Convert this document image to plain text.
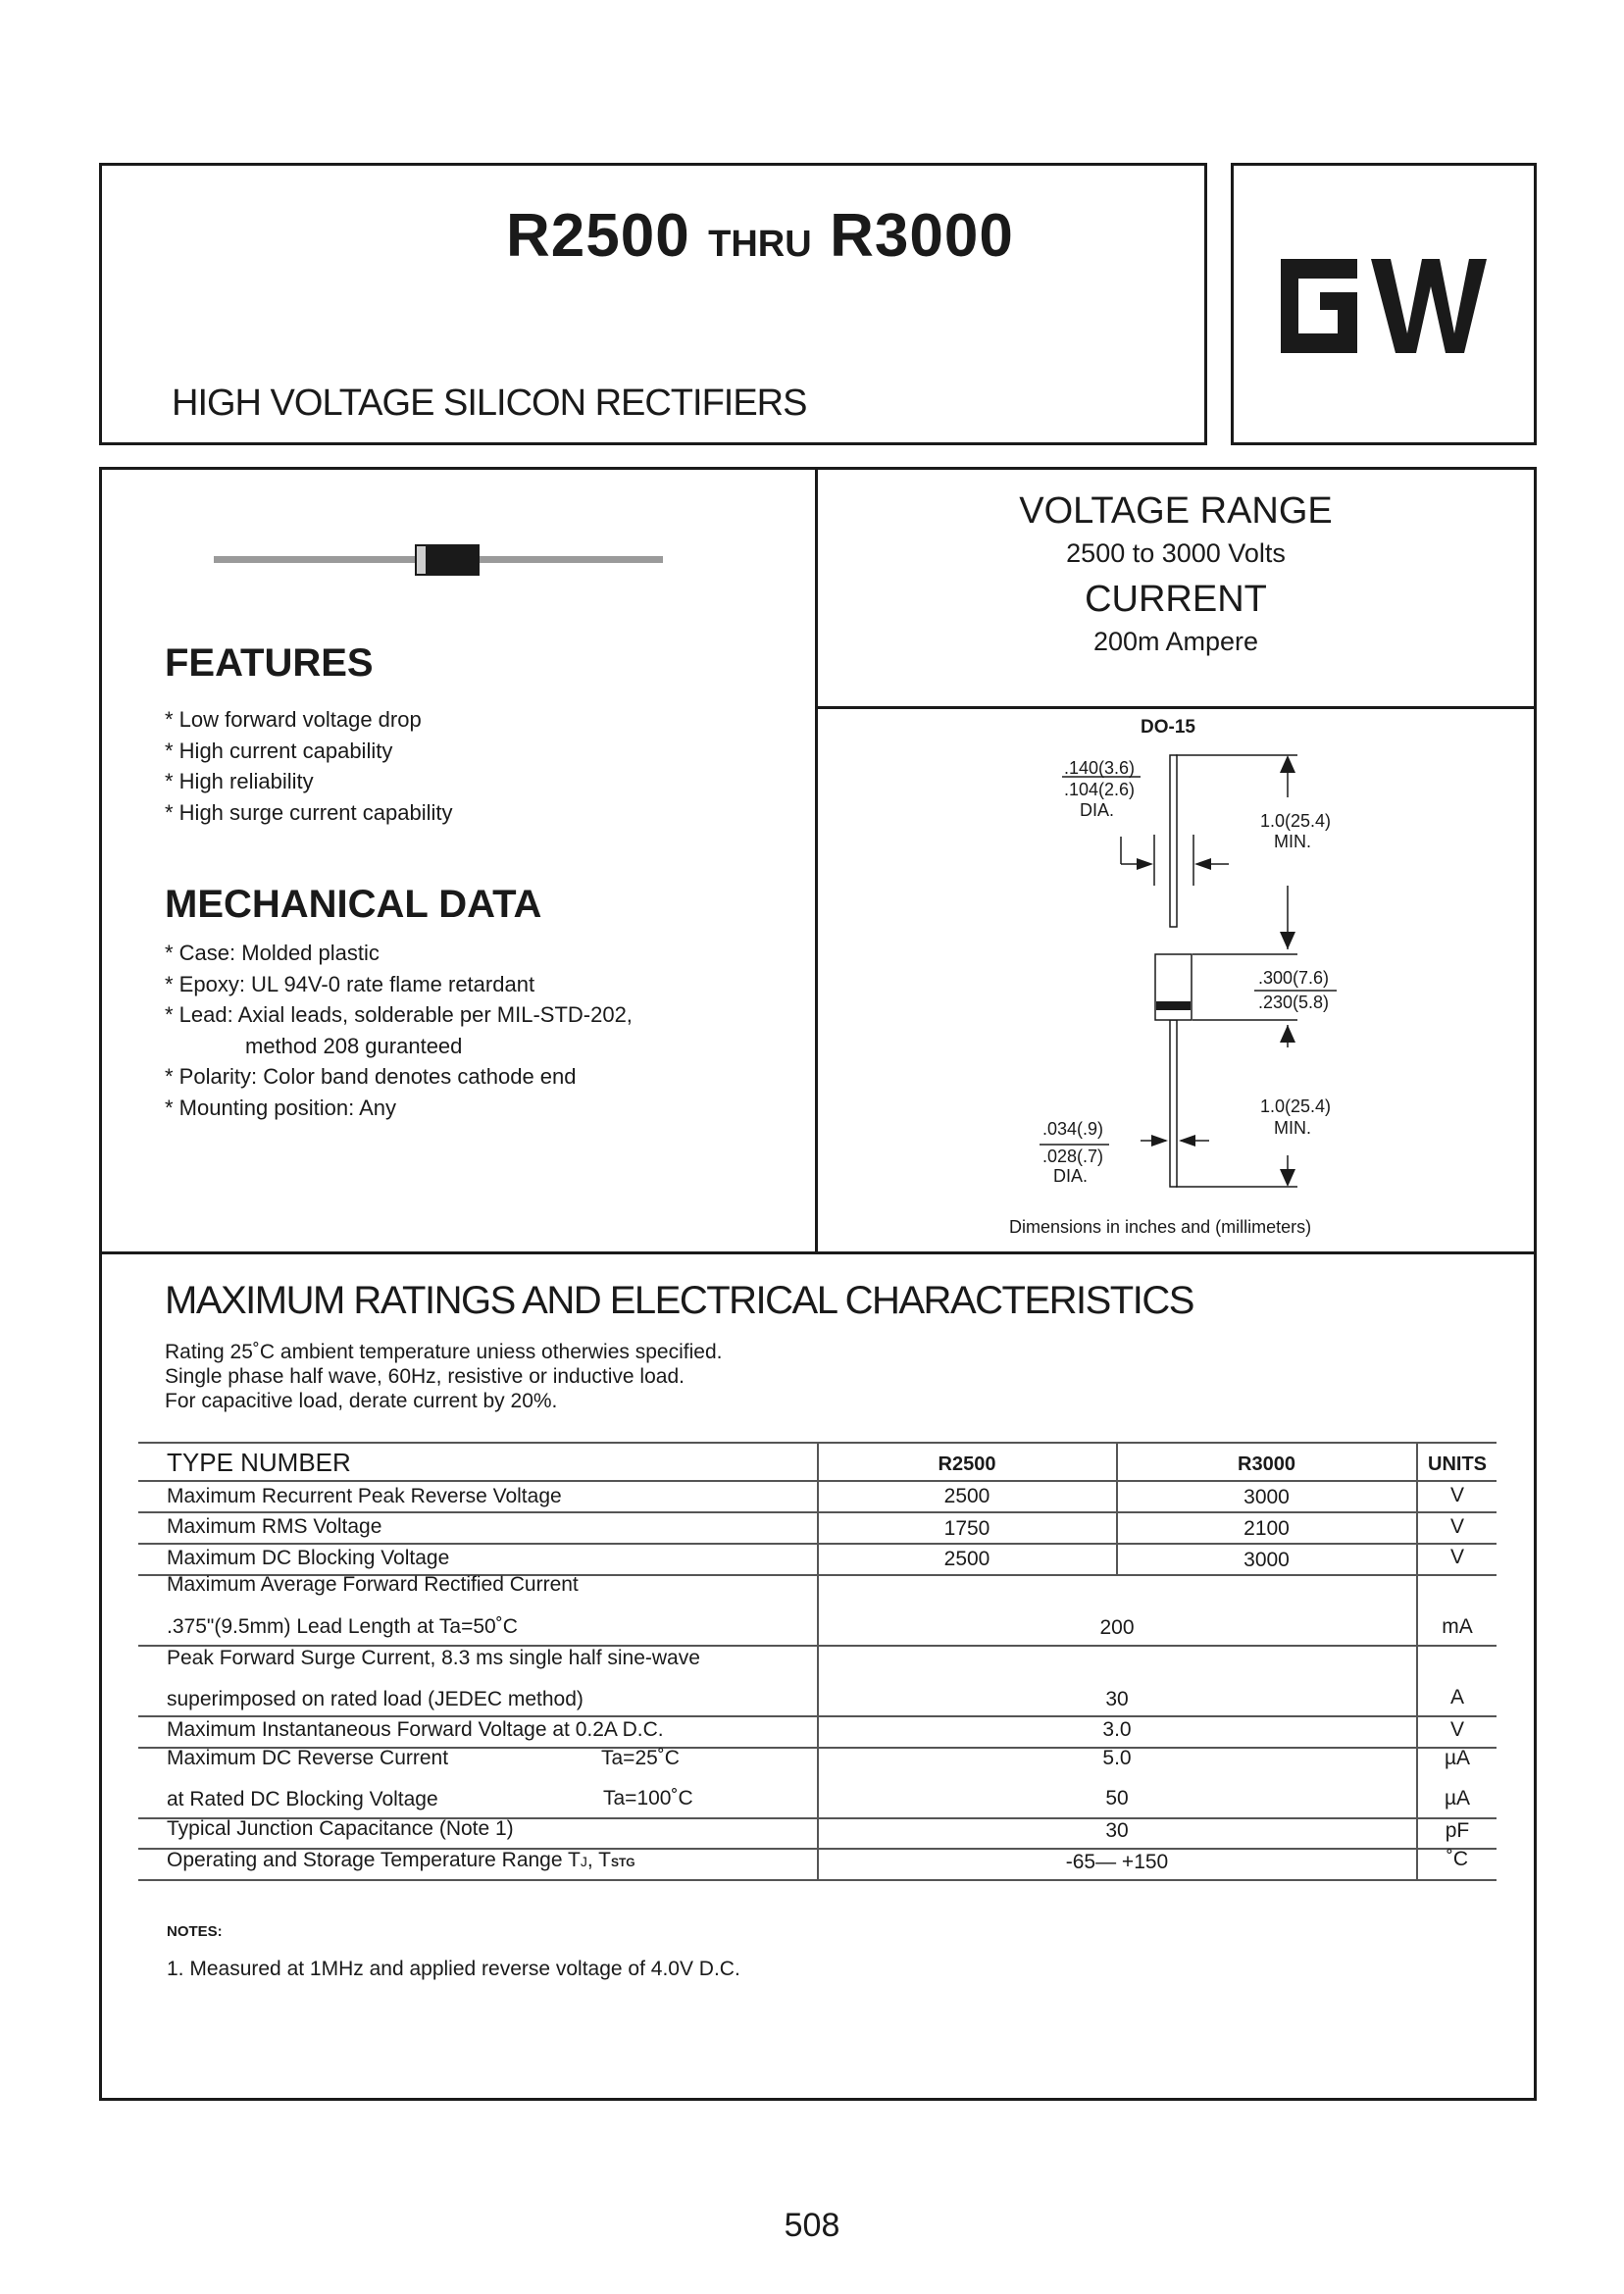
R2500 THRU R3000
HIGH VOLTAGE SILICON RECTIFIERS
FEATURES
* Low forward voltage drop
* High current capability
* High reliability
* High surge current capability
MECHANICAL DATA
* Case: Molded plastic
* Epoxy: UL 94V-0 rate flame retardant
* Lead: Axial leads, solderable per MIL-STD-202,
method 208 guranteed
* Polarity: Color band denotes cathode end
* Mounting position: Any
VOLTAGE RANGE
2500 to 3000 Volts
CURRENT
200m Ampere
DO-15
.140(3.6)
.104(2.6)
DIA.
1.0(25.4)
MIN.
.300(7.6)
.230(5.8)
1.0(25.4)
MIN.
.034(.9)
.028(.7)
DIA.
Dimensions in inches and (millimeters)
MAXIMUM RATINGS AND ELECTRICAL CHARACTERISTICS
Rating 25˚C ambient temperature uniess otherwies specified.
Single phase half wave, 60Hz, resistive or inductive load.
For capacitive load, derate current by 20%.
TYPE NUMBER	R2500	R3000	UNITS
Maximum Recurrent Peak Reverse Voltage	2500	3000	V
Maximum RMS Voltage	1750	2100	V
Maximum DC Blocking Voltage	2500	3000	V
Maximum Average Forward Rectified Current
.375"(9.5mm) Lead Length at Ta=50˚C	200	mA
Peak Forward Surge Current, 8.3 ms single half sine-wave
superimposed on rated load (JEDEC method)	30	A
Maximum Instantaneous Forward Voltage at 0.2A D.C.	3.0	V
Maximum DC Reverse Current	Ta=25˚C	5.0	µA
at Rated DC Blocking Voltage	Ta=100˚C	50	µA
Typical Junction Capacitance (Note 1)	30	pF
Operating and Storage Temperature Range TJ, TSTG	-65— +150	˚C
NOTES:
1. Measured at 1MHz and applied reverse voltage of 4.0V D.C.
508
